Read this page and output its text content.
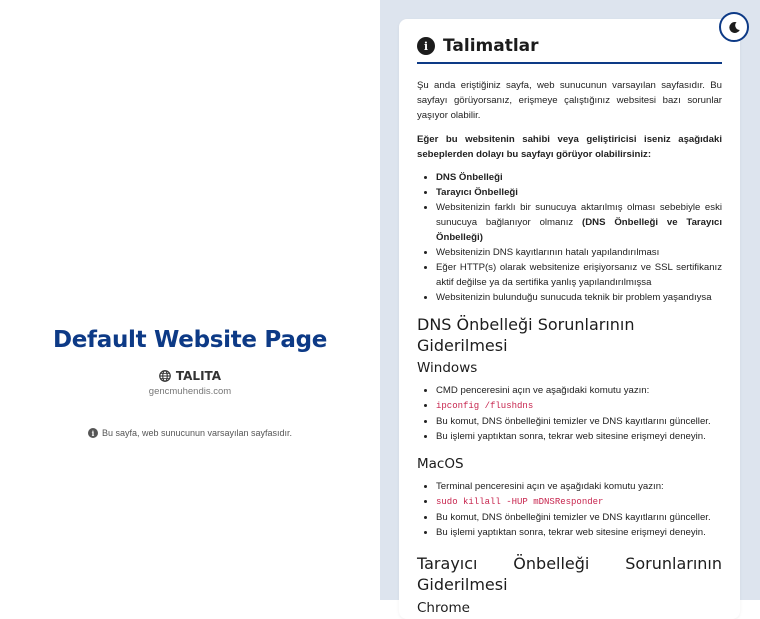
Default Website Page
TALITA
gencmuhendis.com
i Bu sayfa, web sunucunun varsayılan sayfasıdır.
i Talimatlar

Şu anda eriştiğiniz sayfa, web sunucunun varsayılan sayfasıdır. Bu sayfayı görüyorsanız, erişmeye çalıştığınız websitesi bazı sorunlar yaşıyor olabilir.

Eğer bu websitenin sahibi veya geliştiricisi iseniz aşağıdaki sebeplerden dolayı bu sayfayı görüyor olabilirsiniz:

• DNS Önbelleği
• Tarayıcı Önbelleği
• Websitenizin farklı bir sunucuya aktarılmış olması sebebiyle eski sunucuya bağlanıyor olmanız (DNS Önbelleği ve Tarayıcı Önbelleği)
• Websitenizin DNS kayıtlarının hatalı yapılandırılması
• Eğer HTTP(s) olarak websitenize erişiyorsanız ve SSL sertifikanız aktif değilse ya da sertifika yanlış yapılandırılmışsa
• Websitenizin bulunduğu sunucuda teknik bir problem yaşandıysa
DNS Önbelleği Sorunlarının Giderilmesi
Windows
• CMD penceresini açın ve aşağıdaki komutu yazın:
• ipconfig /flushdns
• Bu komut, DNS önbelleğini temizler ve DNS kayıtlarını günceller.
• Bu işlemi yaptıktan sonra, tekrar web sitesine erişmeyi deneyin.
MacOS
• Terminal penceresini açın ve aşağıdaki komutu yazın:
• sudo killall -HUP mDNSResponder
• Bu komut, DNS önbelleğini temizler ve DNS kayıtlarını günceller.
• Bu işlemi yaptıktan sonra, tekrar web sitesine erişmeyi deneyin.
Tarayıcı Önbelleği Sorunlarının
Giderilmesi
Chrome
